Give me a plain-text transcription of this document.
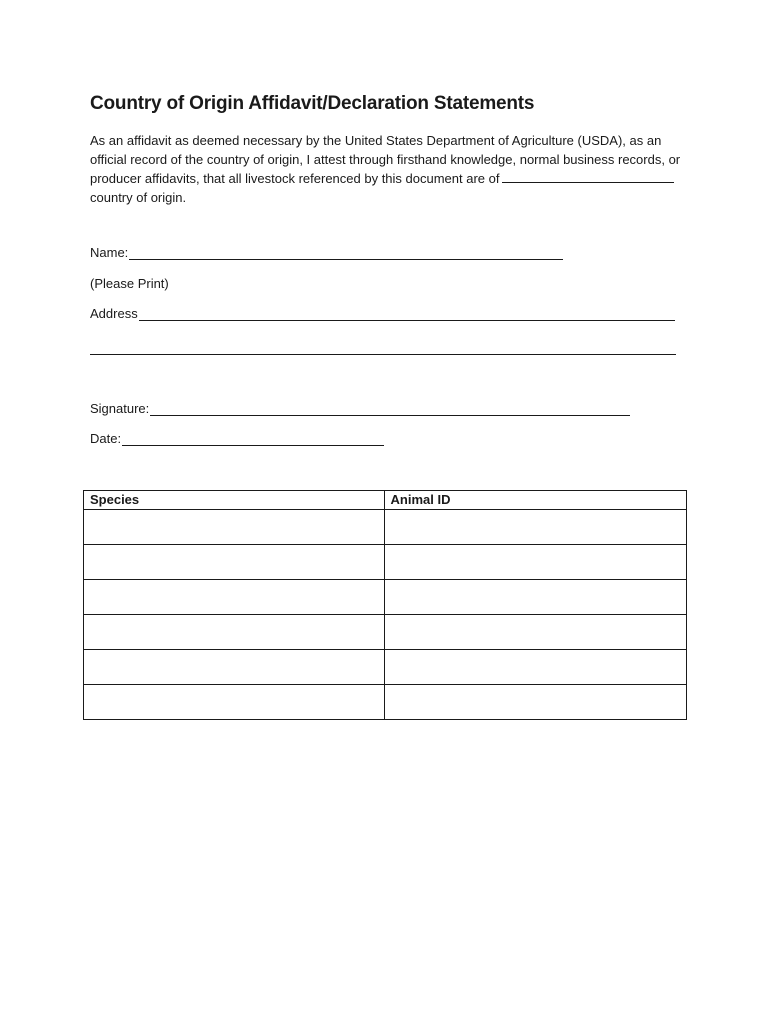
Country of Origin Affidavit/Declaration Statements
As an affidavit as deemed necessary by the United States Department of Agriculture (USDA), as an
official record of the country of origin, I attest through firsthand knowledge, normal business records, or
producer affidavits, that all livestock referenced by this document are of
country of origin.
Name:
(Please Print)
Address
Signature:
Date:
Species	Animal ID
